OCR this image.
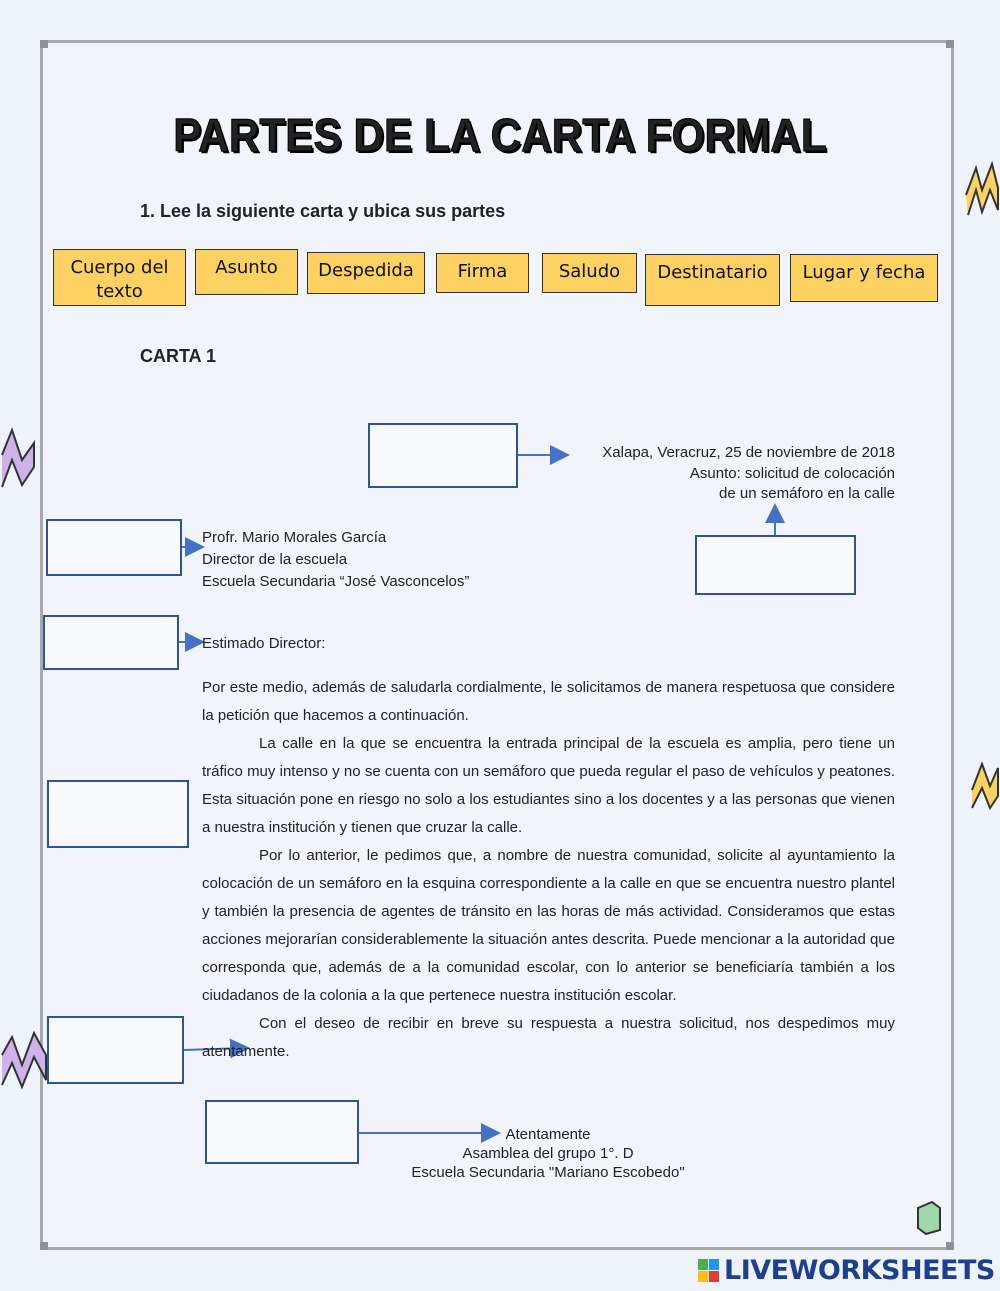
PARTES DE LA CARTA FORMAL
1. Lee la siguiente carta y ubica sus partes
Cuerpo del texto
Asunto	Despedida	Firma	Saludo	Destinatario	Lugar y fecha
CARTA 1
Xalapa, Veracruz, 25 de noviembre de 2018
Asunto: solicitud de colocación
de un semáforo en la calle
Profr. Mario Morales García
Director de la escuela
Escuela Secundaria “José Vasconcelos”
Estimado Director:

Por este medio, además de saludarla cordialmente, le solicitamos de manera respetuosa que considere la petición que hacemos a continuación.

La calle en la que se encuentra la entrada principal de la escuela es amplia, pero tiene un tráfico muy intenso y no se cuenta con un semáforo que pueda regular el paso de vehículos y peatones. Esta situación pone en riesgo no solo a los estudiantes sino a los docentes y a las personas que vienen a nuestra institución y tienen que cruzar la calle.

Por lo anterior, le pedimos que, a nombre de nuestra comunidad, solicite al ayuntamiento la colocación de un semáforo en la esquina correspondiente a la calle en que se encuentra nuestro plantel y también la presencia de agentes de tránsito en las horas de más actividad. Consideramos que estas acciones mejorarían considerablemente la situación antes descrita. Puede mencionar a la autoridad que corresponda que, además de a la comunidad escolar, con lo anterior se beneficiaría también a los ciudadanos de la colonia a la que pertenece nuestra institución escolar.

Con el deseo de recibir en breve su respuesta a nuestra solicitud, nos despedimos muy atentamente.

Atentamente
Asamblea del grupo 1°. D
Escuela Secundaria "Mariano Escobedo"
LIVEWORKSHEETS
